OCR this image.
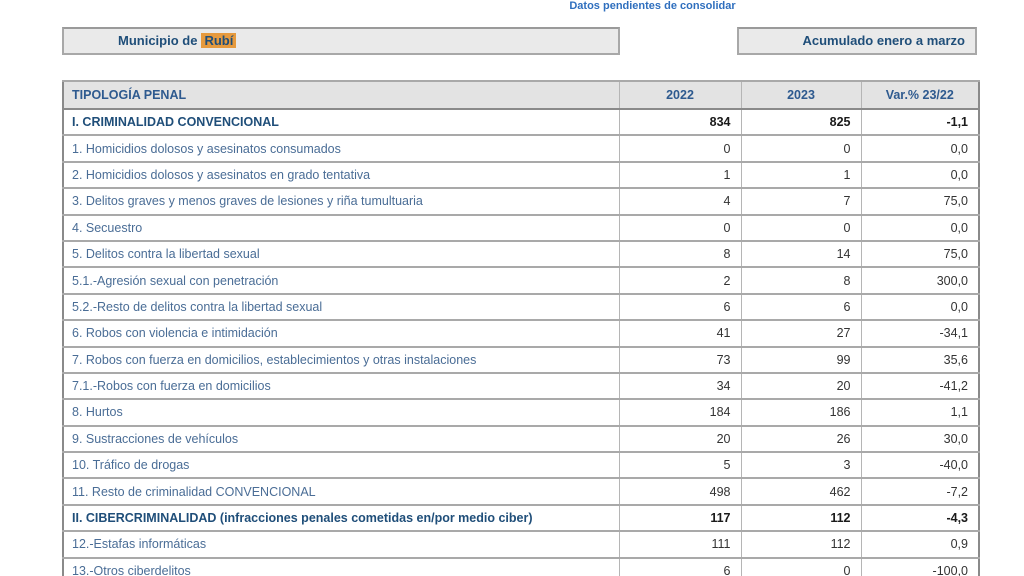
Datos pendientes de consolidar
Municipio de Rubí	Acumulado enero a marzo
TIPOLOGÍA PENAL	2022	2023	Var.% 23/22
I. CRIMINALIDAD CONVENCIONAL	834	825	-1,1
1. Homicidios dolosos y asesinatos consumados	0	0	0,0
2. Homicidios dolosos y asesinatos en grado tentativa	1	1	0,0
3. Delitos graves y menos graves de lesiones y riña tumultuaria	4	7	75,0
4. Secuestro	0	0	0,0
5. Delitos contra la libertad sexual	8	14	75,0
5.1.-Agresión sexual con penetración	2	8	300,0
5.2.-Resto de delitos contra la libertad sexual	6	6	0,0
6. Robos con violencia e intimidación	41	27	-34,1
7. Robos con fuerza en domicilios, establecimientos y otras instalaciones	73	99	35,6
7.1.-Robos con fuerza en domicilios	34	20	-41,2
8. Hurtos	184	186	1,1
9. Sustracciones de vehículos	20	26	30,0
10. Tráfico de drogas	5	3	-40,0
11. Resto de criminalidad CONVENCIONAL	498	462	-7,2
II. CIBERCRIMINALIDAD (infracciones penales cometidas en/por medio ciber)	117	112	-4,3
12.-Estafas informáticas	111	112	0,9
13.-Otros ciberdelitos	6	0	-100,0
